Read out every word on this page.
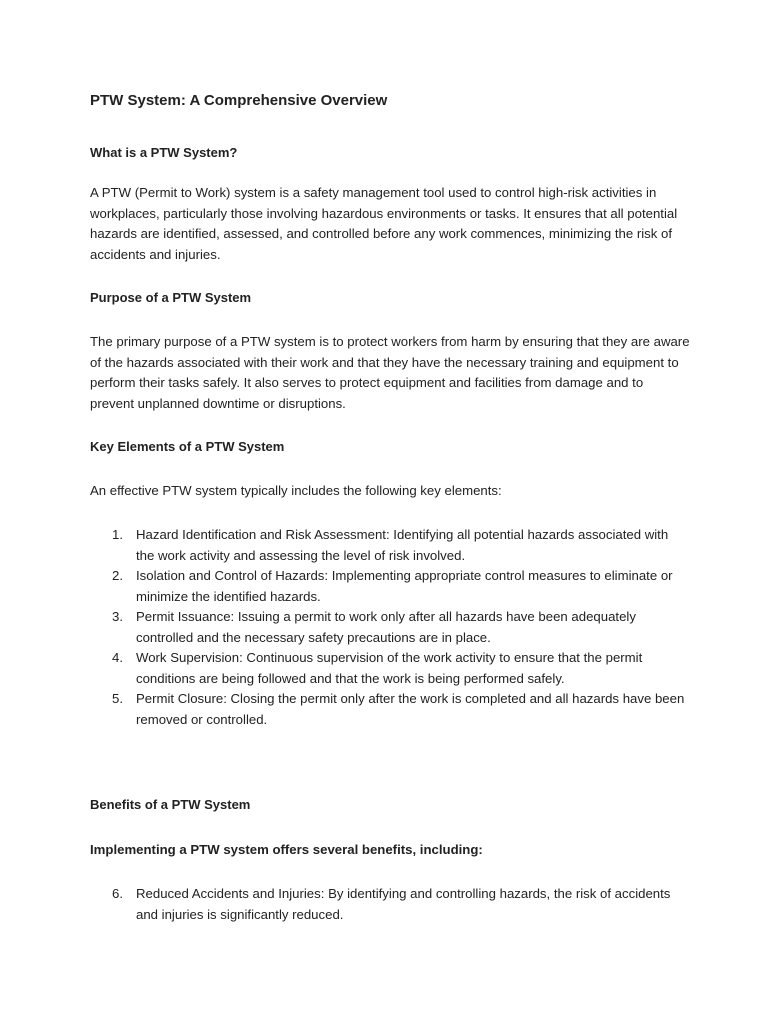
PTW System: A Comprehensive Overview
What is a PTW System?

A PTW (Permit to Work) system is a safety management tool used to control high-risk activities in workplaces, particularly those involving hazardous environments or tasks. It ensures that all potential hazards are identified, assessed, and controlled before any work commences, minimizing the risk of accidents and injuries.

Purpose of a PTW System

The primary purpose of a PTW system is to protect workers from harm by ensuring that they are aware of the hazards associated with their work and that they have the necessary training and equipment to perform their tasks safely. It also serves to protect equipment and facilities from damage and to prevent unplanned downtime or disruptions.

Key Elements of a PTW System

An effective PTW system typically includes the following key elements:

1. Hazard Identification and Risk Assessment: Identifying all potential hazards associated with the work activity and assessing the level of risk involved.
2. Isolation and Control of Hazards: Implementing appropriate control measures to eliminate or minimize the identified hazards.
3. Permit Issuance: Issuing a permit to work only after all hazards have been adequately controlled and the necessary safety precautions are in place.
4. Work Supervision: Continuous supervision of the work activity to ensure that the permit conditions are being followed and that the work is being performed safely.
5. Permit Closure: Closing the permit only after the work is completed and all hazards have been removed or controlled.
Benefits of a PTW System

Implementing a PTW system offers several benefits, including:

6. Reduced Accidents and Injuries: By identifying and controlling hazards, the risk of accidents and injuries is significantly reduced.
